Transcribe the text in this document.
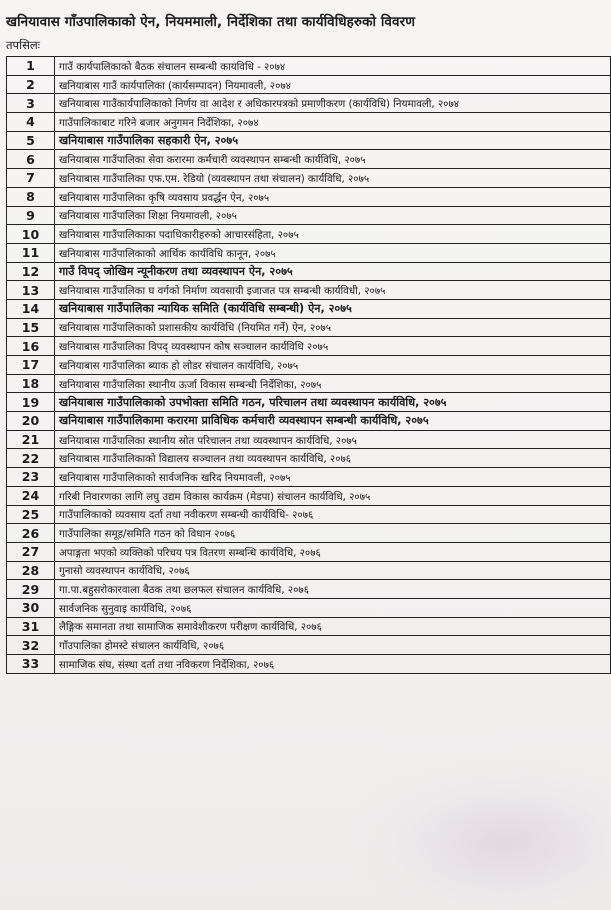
खनियावास गाँउपालिकाको ऐन, नियममाली, निर्देशिका तथा कार्यविधिहरुको विवरण
तपसिलः
1	गाउँ कार्यपालिकाको बैठक संचालन सम्बन्धी कायविधि - २०७४
2	खनियाबास गाउँ कार्यपालिका (कार्यसम्पादन) नियमावली, २०७४
3	खनियाबास गाउँकार्यपालिकाको निर्णय वा आदेश र अधिकारपत्रको प्रमाणीकरण (कार्यविधि) नियमावली, २०७४
4	गाउँपालिकाबाट गरिने बजार अनुगमन निर्देशिका, २०७४
5	खनियाबास गाउँपालिका सहकारी ऐन, २०७५
6	खनियाबास गाउँपालिका सेवा करारमा कर्मचारी व्यवस्थापन सम्बन्धी कार्यविधि, २०७५
7	खनियाबास गाउँपालिका एफ.एम. रेडियो (व्यवस्थापन तथा संचालन) कार्यविधि, २०७५
8	खनियाबास गाउँपालिका कृषि व्यवसाय प्रवर्द्धन ऐन, २०७५
9	खनियाबास गाउँपालिका शिक्षा नियमावली, २०७५
10	खनियाबास गाउँपालिकाका पदाधिकारीहरुको आचारसंहिता, २०७५
11	खनियाबास गाउँपालिकाको आर्थिक कार्यविधि कानून, २०७५
12	गाउँ विपद् जोखिम न्यूनीकरण तथा व्यवस्थापन ऐन, २०७५
13	खनियाबास गाउँपालिका घ वर्गको निर्माण व्यवसायी इजाजत पत्र सम्बन्धी कार्यविधी, २०७५
14	खनियाबास गाउँपालिका न्यायिक समिति (कार्यविधि सम्बन्धी) ऐन, २०७५
15	खनियाबास गाउँपालिकाको प्रशासकीय कार्यविधि (नियमित गर्ने) ऐन, २०७५
16	खनियाबास गाउँपालिका विपद् व्यवस्थापन कोष सञ्चालन कार्यविधि २०७५
17	खनियाबास गाउँपालिका ब्याक हो लोडर संचालन कार्यविधि, २०७५
18	खनियाबास गाउँपालिका स्थानीय ऊर्जा विकास सम्बन्धी निर्देशिका, २०७५
19	खनियाबास गाउँपालिकाको उपभोक्ता समिति गठन, परिचालन तथा व्यवस्थापन कार्यविधि, २०७५
20	खनियाबास गाउँपालिकामा करारमा प्राविधिक कर्मचारी व्यवस्थापन सम्बन्धी कार्यविधि, २०७५
21	खनियाबास गाउँपालिका स्थानीय स्रोत परिचालन तथा व्यवस्थापन कार्यविधि, २०७५
22	खनियाबास गाउँपालिकाको विद्यालय सञ्चालन तथा व्यवस्थापन कार्यविधि, २०७६
23	खनियाबास गाउँपालिकाको सार्वजनिक खरिद नियमावली, २०७५
24	गरिबी निवारणका लागि लघु उद्यम विकास कार्यक्रम (मेडपा) संचालन कार्यविधि, २०७५
25	गाउँपालिकाको व्यवसाय दर्ता तथा नवीकरण सम्बन्धी कार्यविधि- २०७६
26	गाउँपालिका समूह/समिति गठन को विधान २०७६
27	अपाङ्गता भएको व्यक्तिको परिचय पत्र वितरण सम्बन्धि कार्यविधि, २०७६
28	गुनासो व्यवस्थापन कार्यविधि, २०७६
29	गा.पा.बहुसरोकारवाला बैठक तथा छलफल संचालन कार्यविधि, २०७६
30	सार्वजनिक सुनुवाइ कार्यविधि, २०७६
31	लैङ्गिक समानता तथा सामाजिक समावेशीकरण परीक्षण कार्यविधि, २०७६
32	गाँउपालिका होमस्टे संचालन कार्यविधि, २०७६
33	सामाजिक संघ, संस्था दर्ता तथा नविकरण निर्देशिका, २०७६
